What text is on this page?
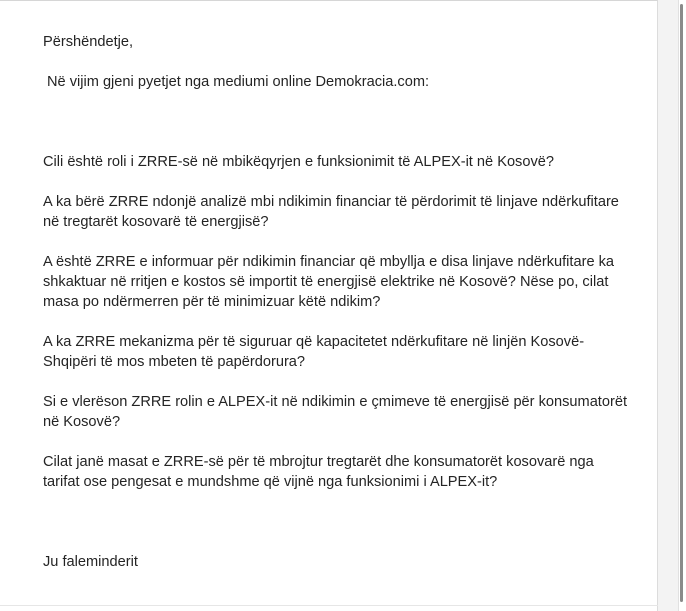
Përshëndetje,

Në vijim gjeni pyetjet nga mediumi online Demokracia.com:

Cili është roli i ZRRE-së në mbikëqyrjen e funksionimit të ALPEX-it në Kosovë?

A ka bërë ZRRE ndonjë analizë mbi ndikimin financiar të përdorimit të linjave ndërkufitare në tregtarët kosovarë të energjisë?

A është ZRRE e informuar për ndikimin financiar që mbyllja e disa linjave ndërkufitare ka shkaktuar në rritjen e kostos së importit të energjisë elektrike në Kosovë? Nëse po, cilat masa po ndërmerren për të minimizuar këtë ndikim?

A ka ZRRE mekanizma për të siguruar që kapacitetet ndërkufitare në linjën Kosovë-Shqipëri të mos mbeten të papërdorura?

Si e vlerëson ZRRE rolin e ALPEX-it në ndikimin e çmimeve të energjisë për konsumatorët në Kosovë?

Cilat janë masat e ZRRE-së për të mbrojtur tregtarët dhe konsumatorët kosovarë nga tarifat ose pengesat e mundshme që vijnë nga funksionimi i ALPEX-it?

Ju faleminderit
